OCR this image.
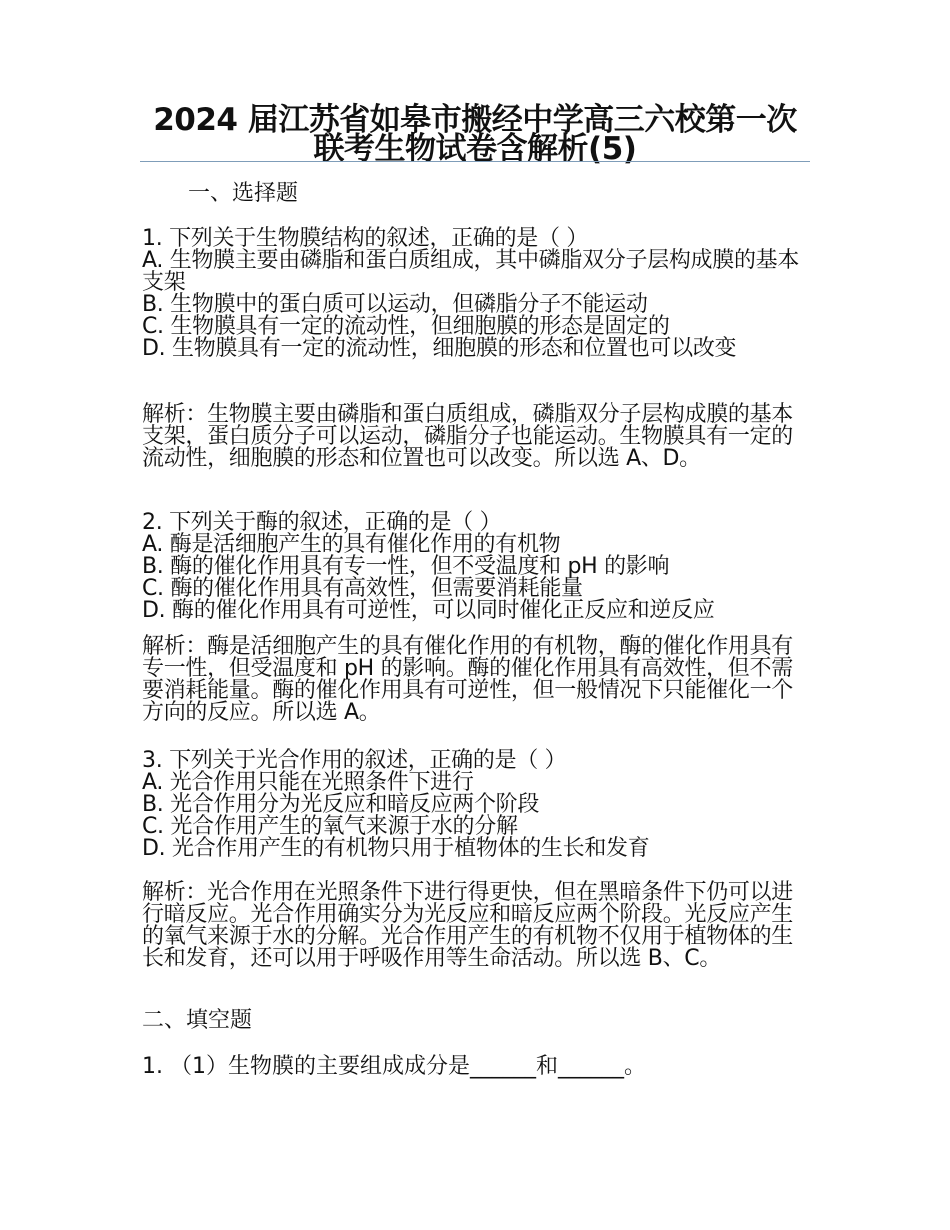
2024 届江苏省如皋市搬经中学高三六校第一次联考生物试卷含解析(5)
一、选择题

1. 下列关于生物膜结构的叙述，正确的是（ ）

A. 生物膜主要由磷脂和蛋白质组成，其中磷脂双分子层构成膜的基本支架

B. 生物膜中的蛋白质可以运动，但磷脂分子不能运动

C. 生物膜具有一定的流动性，但细胞膜的形态是固定的

D. 生物膜具有一定的流动性，细胞膜的形态和位置也可以改变

解析：生物膜主要由磷脂和蛋白质组成，磷脂双分子层构成膜的基本支架，蛋白质分子可以运动，磷脂分子也能运动。生物膜具有一定的流动性，细胞膜的形态和位置也可以改变。所以选 A、D。

2. 下列关于酶的叙述，正确的是（ ）

A. 酶是活细胞产生的具有催化作用的有机物

B. 酶的催化作用具有专一性，但不受温度和 pH 的影响

C. 酶的催化作用具有高效性，但需要消耗能量

D. 酶的催化作用具有可逆性，可以同时催化正反应和逆反应

解析：酶是活细胞产生的具有催化作用的有机物，酶的催化作用具有专一性，但受温度和 pH 的影响。酶的催化作用具有高效性，但不需要消耗能量。酶的催化作用具有可逆性，但一般情况下只能催化一个方向的反应。所以选 A。

3. 下列关于光合作用的叙述，正确的是（ ）

A. 光合作用只能在光照条件下进行

B. 光合作用分为光反应和暗反应两个阶段

C. 光合作用产生的氧气来源于水的分解

D. 光合作用产生的有机物只用于植物体的生长和发育

解析：光合作用在光照条件下进行得更快，但在黑暗条件下仍可以进行暗反应。光合作用确实分为光反应和暗反应两个阶段。光反应产生的氧气来源于水的分解。光合作用产生的有机物不仅用于植物体的生长和发育，还可以用于呼吸作用等生命活动。所以选 B、C。

二、填空题
1. （1）生物膜的主要组成成分是______和______。
